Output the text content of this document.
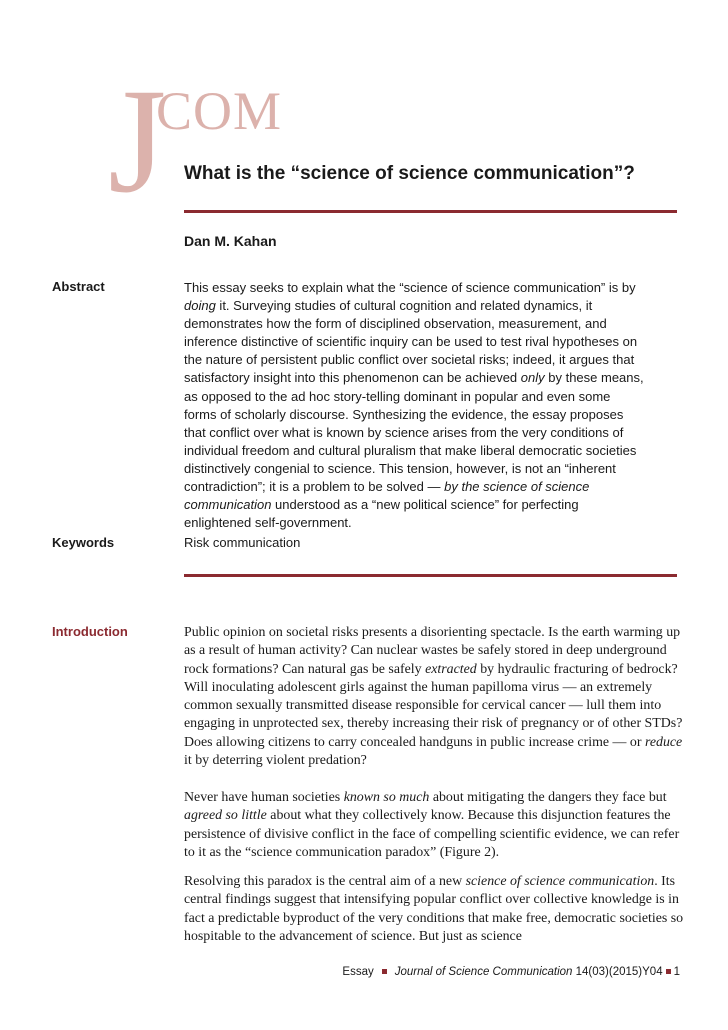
J
COM
What is the “science of science communication”?
Dan M. Kahan
Abstract	This essay seeks to explain what the “science of science communication” is by doing it. Surveying studies of cultural cognition and related dynamics, it demonstrates how the form of disciplined observation, measurement, and inference distinctive of scientific inquiry can be used to test rival hypotheses on the nature of persistent public conflict over societal risks; indeed, it argues that satisfactory insight into this phenomenon can be achieved only by these means, as opposed to the ad hoc story-telling dominant in popular and even some forms of scholarly discourse. Synthesizing the evidence, the essay proposes that conflict over what is known by science arises from the very conditions of individual freedom and cultural pluralism that make liberal democratic societies distinctively congenial to science. This tension, however, is not an “inherent contradiction”; it is a problem to be solved — by the science of science communication understood as a “new political science” for perfecting enlightened self-government.

Keywords	Risk communication
Introduction	Public opinion on societal risks presents a disorienting spectacle. Is the earth warming up as a result of human activity? Can nuclear wastes be safely stored in deep underground rock formations? Can natural gas be safely extracted by hydraulic fracturing of bedrock? Will inoculating adolescent girls against the human papilloma virus — an extremely common sexually transmitted disease responsible for cervical cancer — lull them into engaging in unprotected sex, thereby increasing their risk of pregnancy or of other STDs? Does allowing citizens to carry concealed handguns in public increase crime — or reduce it by deterring violent predation?

Never have human societies known so much about mitigating the dangers they face but agreed so little about what they collectively know. Because this disjunction features the persistence of divisive conflict in the face of compelling scientific evidence, we can refer to it as the “science communication paradox” (Figure 2).

Resolving this paradox is the central aim of a new science of science communication. Its central findings suggest that intensifying popular conflict over collective knowledge is in fact a predictable byproduct of the very conditions that make free, democratic societies so hospitable to the advancement of science. But just as science

Essay Journal of Science Communication 14(03)(2015)Y04 1
